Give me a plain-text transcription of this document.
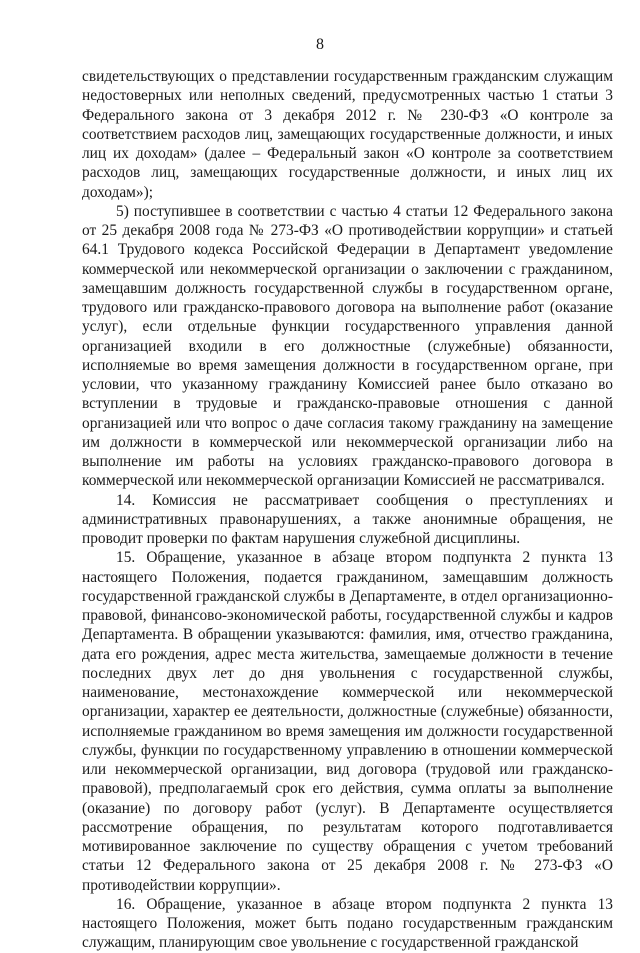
8

свидетельствующих о представлении государственным гражданским служащим недостоверных или неполных сведений, предусмотренных частью 1 статьи 3 Федерального закона от 3 декабря 2012 г. № 230-ФЗ «О контроле за соответствием расходов лиц, замещающих государственные должности, и иных лиц их доходам» (далее – Федеральный закон «О контроле за соответствием расходов лиц, замещающих государственные должности, и иных лиц их доходам»);

5) поступившее в соответствии с частью 4 статьи 12 Федерального закона от 25 декабря 2008 года № 273-ФЗ «О противодействии коррупции» и статьей 64.1 Трудового кодекса Российской Федерации в Департамент уведомление коммерческой или некоммерческой организации о заключении с гражданином, замещавшим должность государственной службы в государственном органе, трудового или гражданско-правового договора на выполнение работ (оказание услуг), если отдельные функции государственного управления данной организацией входили в его должностные (служебные) обязанности, исполняемые во время замещения должности в государственном органе, при условии, что указанному гражданину Комиссией ранее было отказано во вступлении в трудовые и гражданско-правовые отношения с данной организацией или что вопрос о даче согласия такому гражданину на замещение им должности в коммерческой или некоммерческой организации либо на выполнение им работы на условиях гражданско-правового договора в коммерческой или некоммерческой организации Комиссией не рассматривался.

14. Комиссия не рассматривает сообщения о преступлениях и административных правонарушениях, а также анонимные обращения, не проводит проверки по фактам нарушения служебной дисциплины.

15. Обращение, указанное в абзаце втором подпункта 2 пункта 13 настоящего Положения, подается гражданином, замещавшим должность государственной гражданской службы в Департаменте, в отдел организационно-правовой, финансово-экономической работы, государственной службы и кадров Департамента. В обращении указываются: фамилия, имя, отчество гражданина, дата его рождения, адрес места жительства, замещаемые должности в течение последних двух лет до дня увольнения с государственной службы, наименование, местонахождение коммерческой или некоммерческой организации, характер ее деятельности, должностные (служебные) обязанности, исполняемые гражданином во время замещения им должности государственной службы, функции по государственному управлению в отношении коммерческой или некоммерческой организации, вид договора (трудовой или гражданско-правовой), предполагаемый срок его действия, сумма оплаты за выполнение (оказание) по договору работ (услуг). В Департаменте осуществляется рассмотрение обращения, по результатам которого подготавливается мотивированное заключение по существу обращения с учетом требований статьи 12 Федерального закона от 25 декабря 2008 г. № 273-ФЗ «О противодействии коррупции».

16. Обращение, указанное в абзаце втором подпункта 2 пункта 13 настоящего Положения, может быть подано государственным гражданским служащим, планирующим свое увольнение с государственной гражданской
